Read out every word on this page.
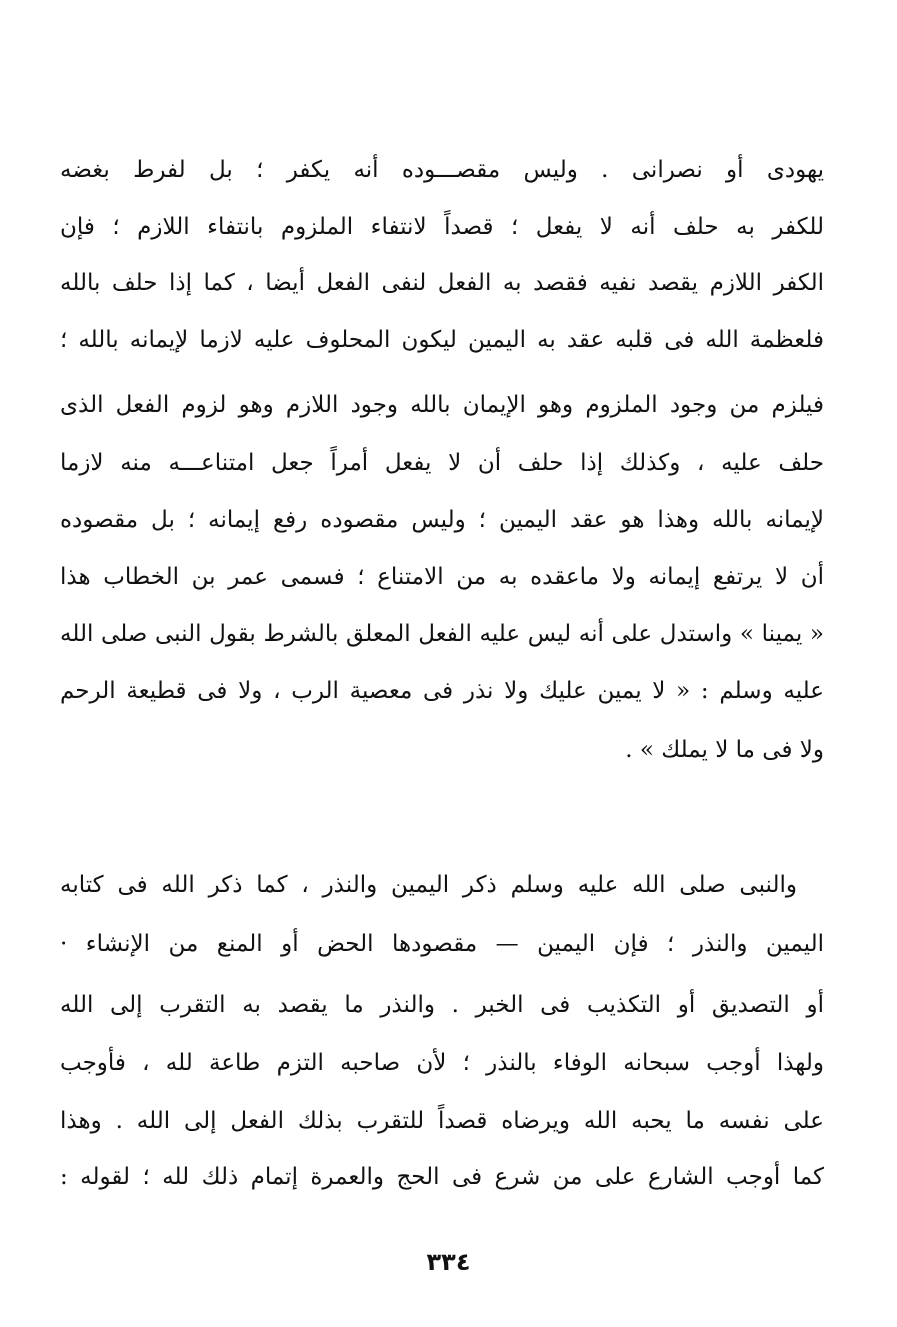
يهودى أو نصرانى . وليس مقصـــوده أنه يكفر ؛ بل لفرط بغضه
للكفر به حلف أنه لا يفعل ؛ قصداً لانتفاء الملزوم بانتفاء اللازم ؛ فإن
الكفر اللازم يقصد نفيه فقصد به الفعل لنفى الفعل أيضا ، كما إذا حلف بالله
فلعظمة الله فى قلبه عقد به اليمين ليكون المحلوف عليه لازما لإيمانه بالله ؛
فيلزم من وجود الملزوم وهو الإيمان بالله وجود اللازم وهو لزوم الفعل الذى
حلف عليه ، وكذلك إذا حلف أن لا يفعل أمراً جعل امتناعـــه منه لازما
لإيمانه بالله وهذا هو عقد اليمين ؛ وليس مقصوده رفع إيمانه ؛ بل مقصوده
أن لا يرتفع إيمانه ولا ماعقده به من الامتناع ؛ فسمى عمر بن الخطاب هذا
« يمينا » واستدل على أنه ليس عليه الفعل المعلق بالشرط بقول النبى صلى الله
عليه وسلم : « لا يمين عليك ولا نذر فى معصية الرب ، ولا فى قطيعة الرحم
ولا فى ما لا يملك » .
والنبى صلى الله عليه وسلم ذكر اليمين والنذر ، كما ذكر الله فى كتابه
اليمين والنذر ؛ فإن اليمين — مقصودها الحض أو المنع من الإنشاء ·
أو التصديق أو التكذيب فى الخبر . والنذر ما يقصد به التقرب إلى الله
ولهذا أوجب سبحانه الوفاء بالنذر ؛ لأن صاحبه التزم طاعة لله ، فأوجب
على نفسه ما يحبه الله ويرضاه قصداً للتقرب بذلك الفعل إلى الله . وهذا
كما أوجب الشارع على من شرع فى الحج والعمرة إتمام ذلك لله ؛ لقوله :
٣٣٤
